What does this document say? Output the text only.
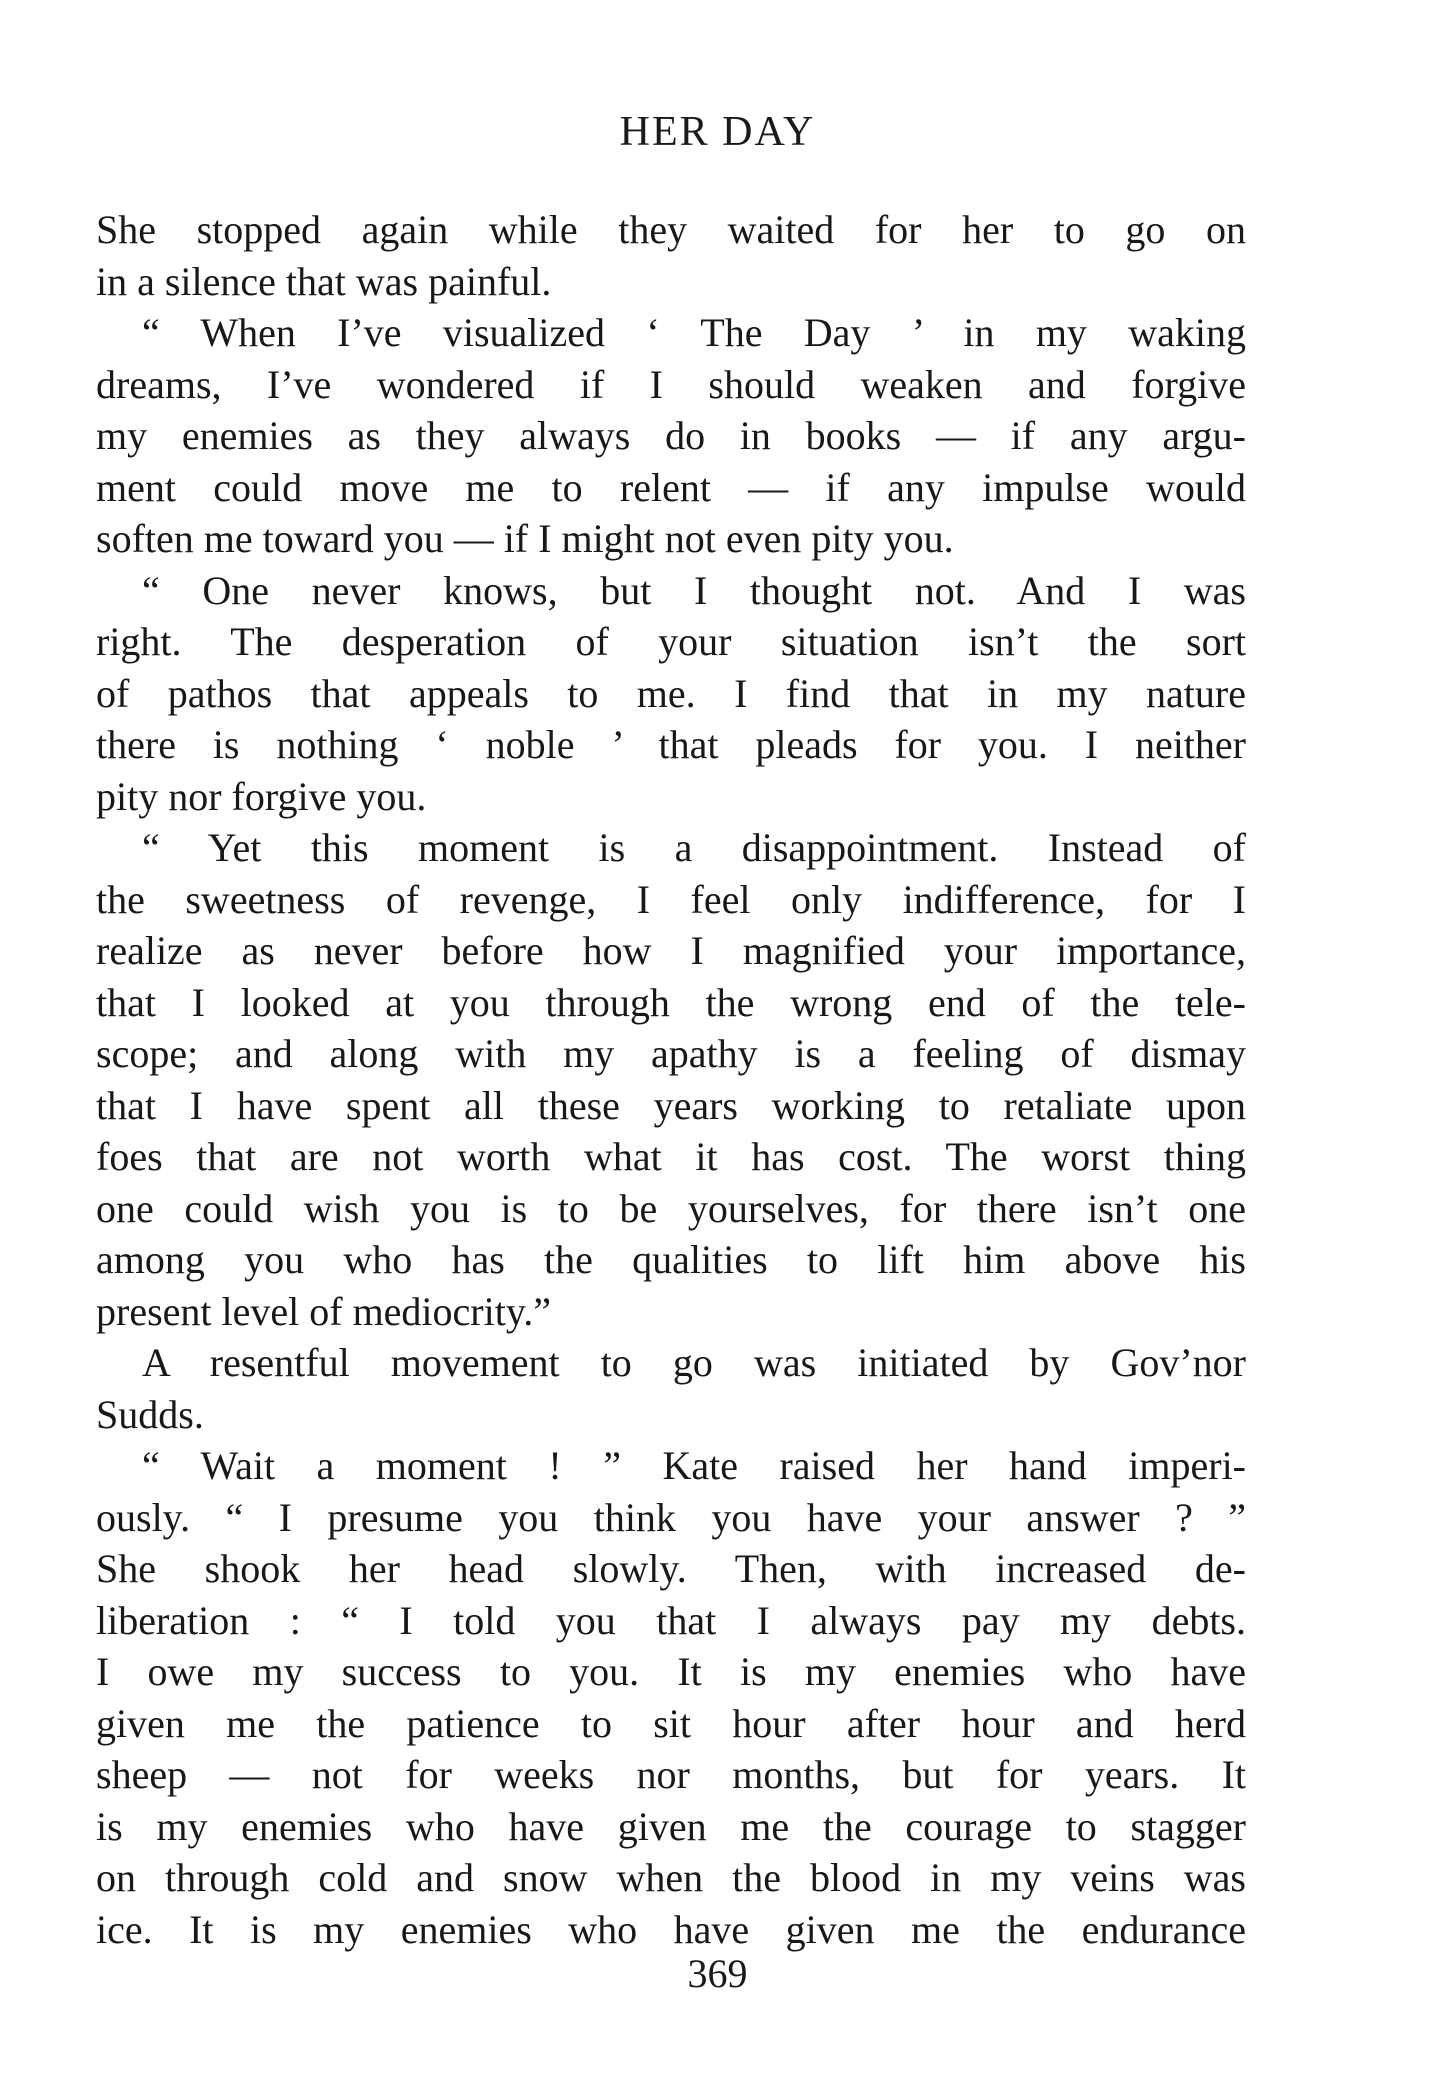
HER DAY
She stopped again while they waited for her to go on
in a silence that was painful.
“ When I’ve visualized ‘ The Day ’ in my waking
dreams, I’ve wondered if I should weaken and forgive
my enemies as they always do in books — if any argu-
ment could move me to relent — if any impulse would
soften me toward you — if I might not even pity you.
“ One never knows, but I thought not. And I was
right. The desperation of your situation isn’t the sort
of pathos that appeals to me. I find that in my nature
there is nothing ‘ noble ’ that pleads for you. I neither
pity nor forgive you.
“ Yet this moment is a disappointment. Instead of
the sweetness of revenge, I feel only indifference, for I
realize as never before how I magnified your importance,
that I looked at you through the wrong end of the tele-
scope; and along with my apathy is a feeling of dismay
that I have spent all these years working to retaliate upon
foes that are not worth what it has cost. The worst thing
one could wish you is to be yourselves, for there isn’t one
among you who has the qualities to lift him above his
present level of mediocrity.”
A resentful movement to go was initiated by Gov’nor
Sudds.
“ Wait a moment ! ” Kate raised her hand imperi-
ously. “ I presume you think you have your answer ? ”
She shook her head slowly. Then, with increased de-
liberation : “ I told you that I always pay my debts.
I owe my success to you. It is my enemies who have
given me the patience to sit hour after hour and herd
sheep — not for weeks nor months, but for years. It
is my enemies who have given me the courage to stagger
on through cold and snow when the blood in my veins was
ice. It is my enemies who have given me the endurance
369
